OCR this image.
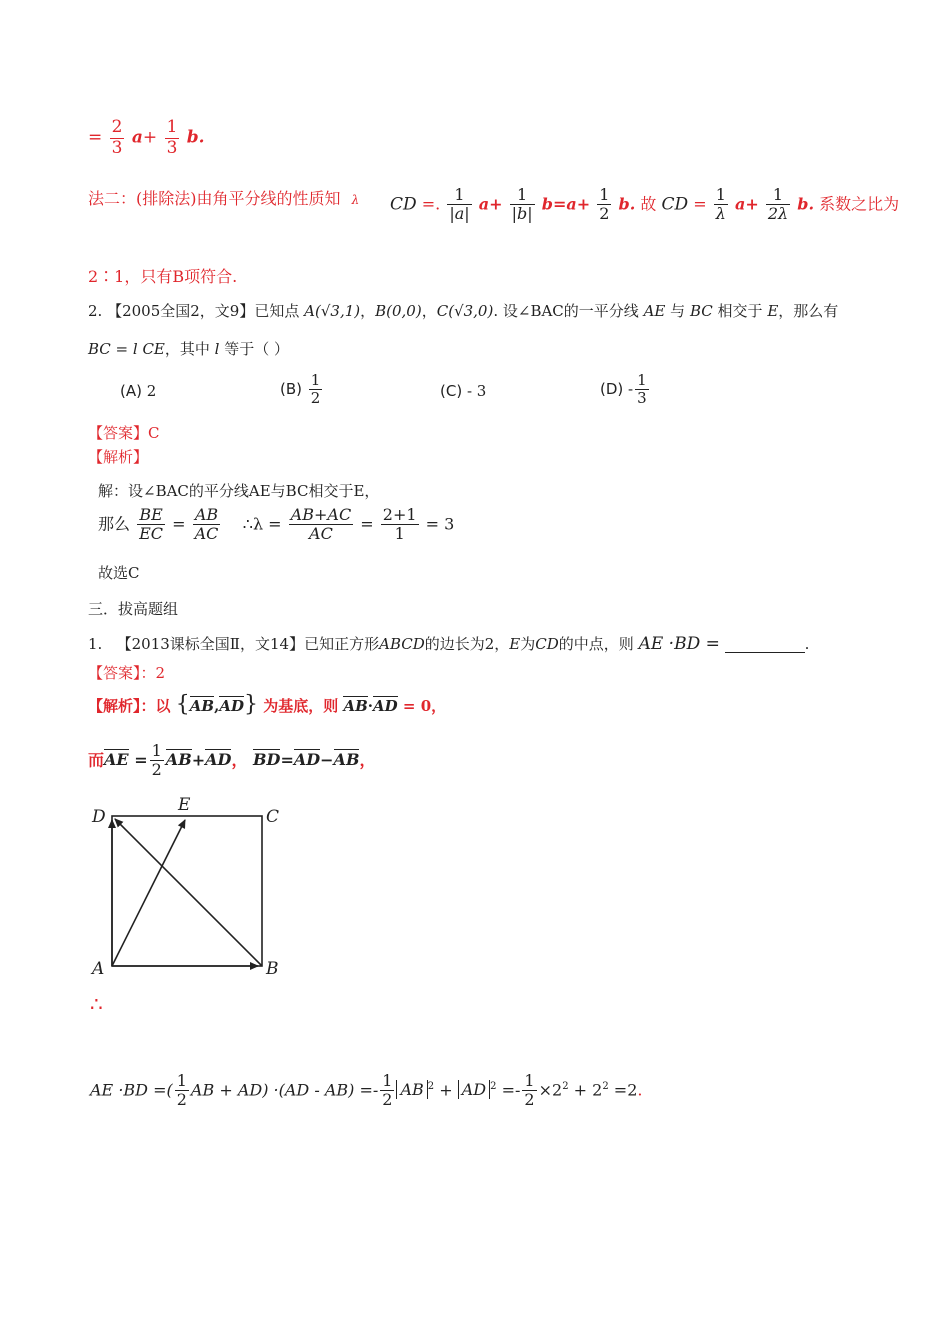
= $\frac{2}{3} a+ \frac{1}{3} b$.
法二：(排除法)由角平分线的性质知 λ CD =. $\frac{1}{|a|} a+ \frac{1}{|b|} b=a+ \frac{1}{2} b$. 故 CD = $\frac{1}{\lambda} a+ \frac{1}{2\lambda} b$. 系数之比为
2∶1，只有B项符合.
2. 【2005全国2，文9】已知点 A(√3,1)，B(0,0)，C(√3,0). 设∠BAC的一平分线 AE 与 BC 相交于 E，那么有
BC = l CE，其中 l 等于（ ）
(A) 2	$(B) \frac{1}{2}$	(C) - 3	$(D) - \frac{1}{3}$
【答案】C
【解析】
解：设∠BAC的平分线AE与BC相交于E，
那么 $\frac{BE}{EC} = \frac{AB}{AC}$ ∴λ = $\frac{AB+AC}{AC} = \frac{2+1}{1} = 3$
故选C
三．拔高题组
1. 【2013课标全国Ⅱ，文14】已知正方形ABCD的边长为2，E为CD的中点，则 AE ·BD =	.
【答案】：2
【解析】：以 {AB,AD} 为基底，则 AB·AD = 0，
而AE = $\frac{1}{2} AB+AD$， BD=AD−AB，
D
E
C
A	B
∴
AE ·BD =( $\frac{1}{2}$ AB + $AD) \cdot(AD - AB) =- \frac{1}{2}$ AB $^2$ + AD $^2 =- \frac{1}{2} \times 2^2 + 2^2 =2$.
